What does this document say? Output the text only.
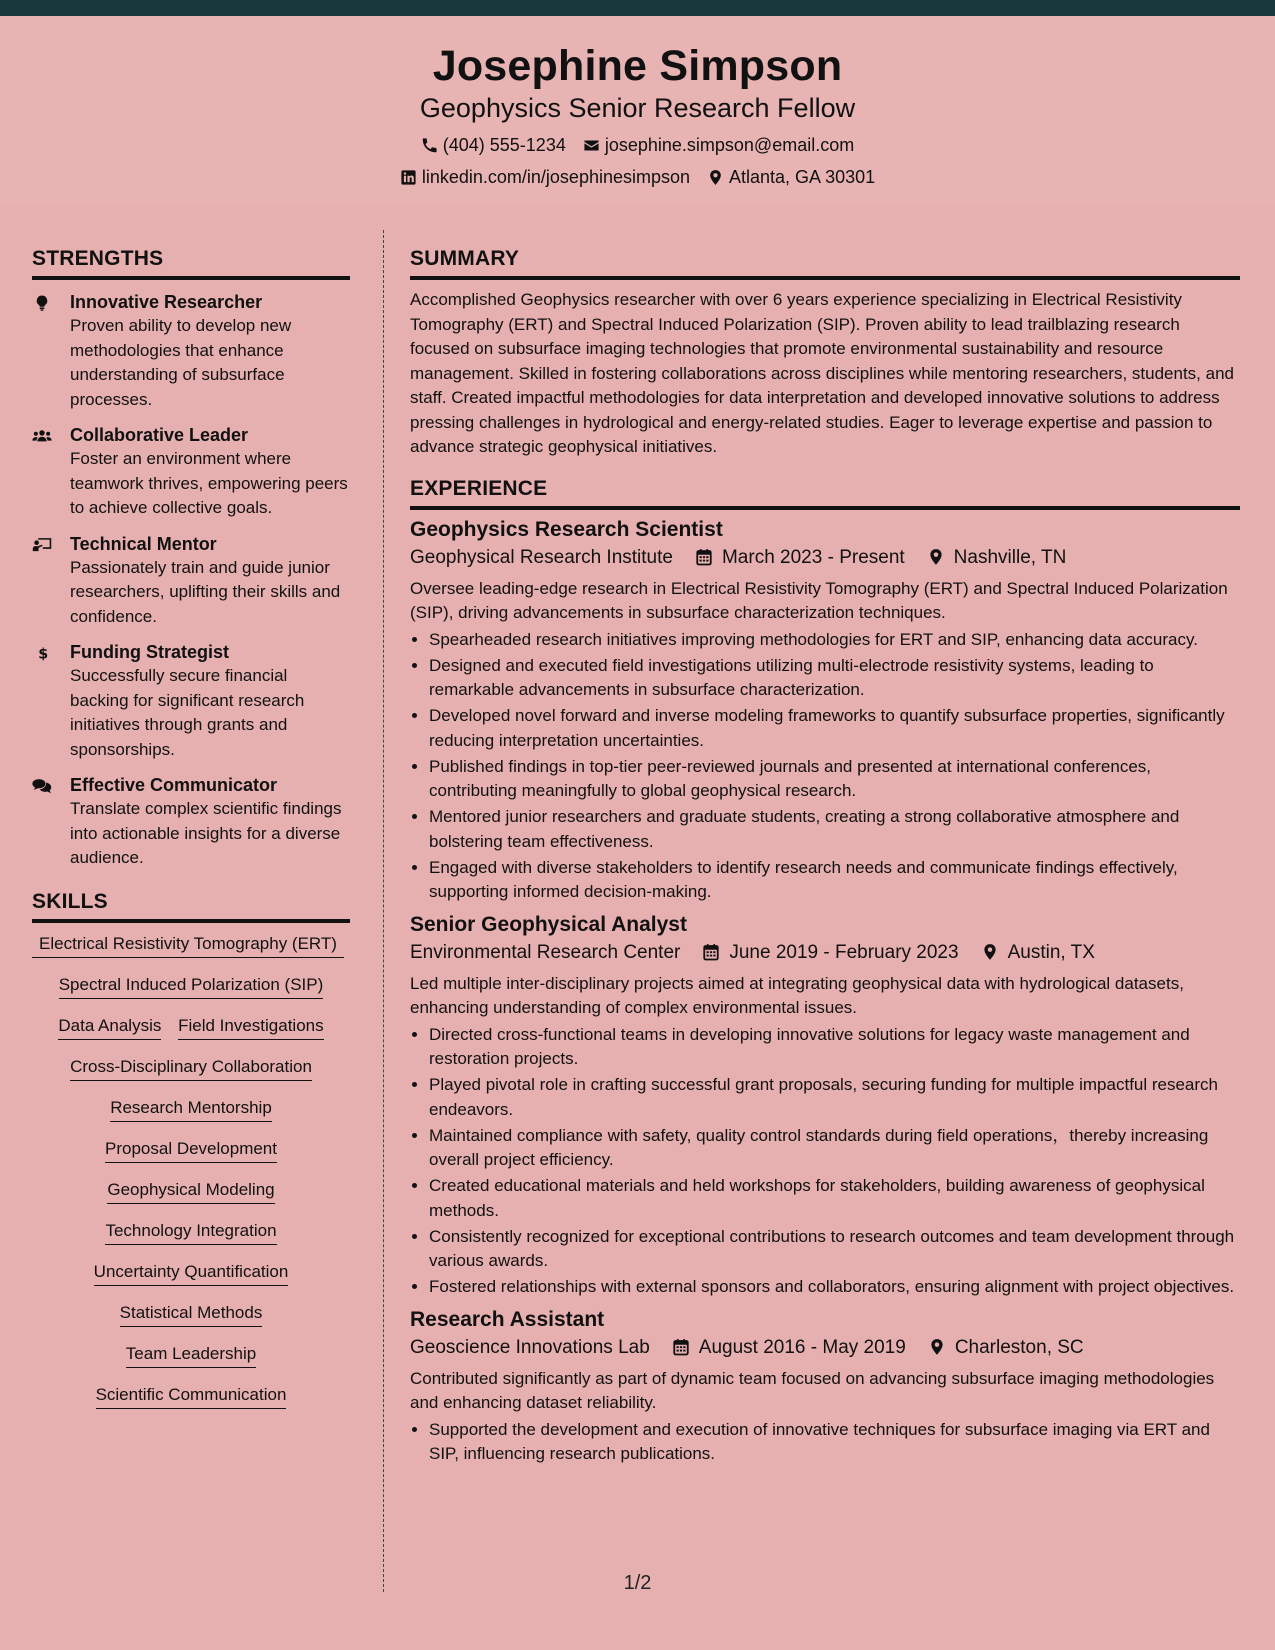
Josephine Simpson
Geophysics Senior Research Fellow
(404) 555-1234 josephine.simpson@email.com
linkedin.com/in/josephinesimpson Atlanta, GA 30301
STRENGTHS
Innovative Researcher
Proven ability to develop new methodologies that enhance understanding of subsurface processes.
Collaborative Leader
Foster an environment where teamwork thrives, empowering peers to achieve collective goals.
Technical Mentor
Passionately train and guide junior researchers, uplifting their skills and confidence.
$ Funding Strategist
Successfully secure financial backing for significant research initiatives through grants and sponsorships.
Effective Communicator
Translate complex scientific findings into actionable insights for a diverse audience.
SKILLS
Electrical Resistivity Tomography (ERT)
Spectral Induced Polarization (SIP)
Data Analysis Field Investigations
Cross-Disciplinary Collaboration
Research Mentorship
Proposal Development
Geophysical Modeling
Technology Integration
Uncertainty Quantification
Statistical Methods
Team Leadership
Scientific Communication
SUMMARY
Accomplished Geophysics researcher with over 6 years experience specializing in Electrical Resistivity Tomography (ERT) and Spectral Induced Polarization (SIP). Proven ability to lead trailblazing research focused on subsurface imaging technologies that promote environmental sustainability and resource management. Skilled in fostering collaborations across disciplines while mentoring researchers, students, and staff. Created impactful methodologies for data interpretation and developed innovative solutions to address pressing challenges in hydrological and energy-related studies. Eager to leverage expertise and passion to advance strategic geophysical initiatives.
EXPERIENCE
Geophysics Research Scientist
Geophysical Research Institute	March 2023 - Present	Nashville, TN
Oversee leading-edge research in Electrical Resistivity Tomography (ERT) and Spectral Induced Polarization (SIP), driving advancements in subsurface characterization techniques.
• Spearheaded research initiatives improving methodologies for ERT and SIP, enhancing data accuracy.
• Designed and executed field investigations utilizing multi-electrode resistivity systems, leading to remarkable advancements in subsurface characterization.
• Developed novel forward and inverse modeling frameworks to quantify subsurface properties, significantly reducing interpretation uncertainties.
• Published findings in top-tier peer-reviewed journals and presented at international conferences, contributing meaningfully to global geophysical research.
• Mentored junior researchers and graduate students, creating a strong collaborative atmosphere and bolstering team effectiveness.
• Engaged with diverse stakeholders to identify research needs and communicate findings effectively, supporting informed decision-making.
Senior Geophysical Analyst
Environmental Research Center	June 2019 - February 2023	Austin, TX
Led multiple inter-disciplinary projects aimed at integrating geophysical data with hydrological datasets, enhancing understanding of complex environmental issues.
• Directed cross-functional teams in developing innovative solutions for legacy waste management and restoration projects.
• Played pivotal role in crafting successful grant proposals, securing funding for multiple impactful research endeavors.
• Maintained compliance with safety, quality control standards during field operations，thereby increasing overall project efficiency.
• Created educational materials and held workshops for stakeholders, building awareness of geophysical methods.
• Consistently recognized for exceptional contributions to research outcomes and team development through various awards.
• Fostered relationships with external sponsors and collaborators, ensuring alignment with project objectives.
Research Assistant
Geoscience Innovations Lab	August 2016 - May 2019	Charleston, SC
Contributed significantly as part of dynamic team focused on advancing subsurface imaging methodologies and enhancing dataset reliability.
• Supported the development and execution of innovative techniques for subsurface imaging via ERT and SIP, influencing research publications.
1/2
